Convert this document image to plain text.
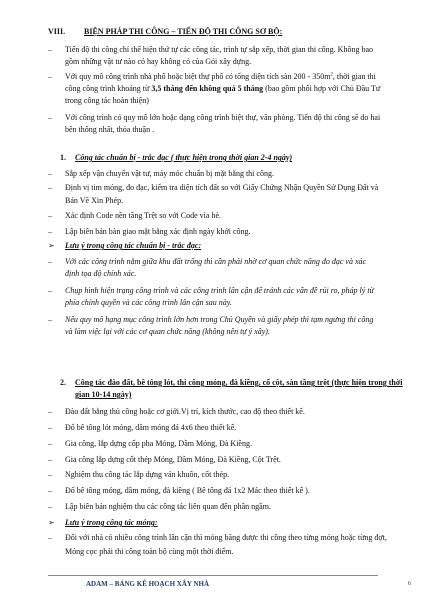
VIII. BIỆN PHÁP THI CÔNG – TIẾN ĐỘ THI CÔNG SƠ BỘ:
– Tiến độ thi công chỉ thể hiện thứ tự các công tác, trình tự sắp xếp, thời gian thi công. Không bao
gồm những vật tư nào có hay không có của Gói xây dựng.
– Với quy mô công trình nhà phố hoặc biệt thự phố có tổng diện tích sàn $200 - 350m^2$, thời gian thi
công công trình khoảng từ 3,5 tháng đến không quá 5 tháng (bao gồm phối hợp với Chủ Đầu Tư
trong công tác hoàn thiện)
– Với công trình có quy mô lớn hoặc dạng công trình biệt thự, văn phòng. Tiến độ thi công sẽ do hai
bên thống nhất, thỏa thuận .
1. Công tác chuẩn bị - trắc đạc ( thực hiện trong thời gian 2-4 ngày)
– Sắp xếp vận chuyển vật tư, máy móc chuẩn bị mặt bằng thi công.
– Định vị tim móng, đo đạc, kiểm tra diện tích đất so với Giấy Chứng Nhận Quyền Sử Dụng Đất và
Bản Vẽ Xin Phép.
– Xác định Code nền tầng Trệt so với Code vỉa hè.
– Lập biên bản bàn giao mặt bằng xác định ngày khởi công.
➢ Lưu ý trong công tác chuẩn bị - trắc đạc:
– Với các công trình nằm giữa khu đất trống thì cần phải nhờ cơ quan chức năng đo đạc và xác
định tọa độ chính xác.
– Chụp hình hiện trạng công trình và các công trình lân cận để tránh các vấn đề rủi ro, pháp lý từ
phía chính quyền và các công trình lân cận sau này.
– Nếu quy mô hạng mục công trình lớn hơn trong Chủ Quyền và giấy phép thì tạm ngưng thi công
và làm việc lại với các cơ quan chức năng (không nên tự ý xây).
2. Công tác đào đất, bê tông lót, thi công móng, đà kiềng, cổ cột, sàn tầng trệt (thực hiện trong thời
gian 10-14 ngày)
– Đào đất bằng thủ công hoặc cơ giới.Vị trí, kích thước, cao độ theo thiết kế.
– Đổ bê tông lót móng, dầm móng đá 4x6 theo thiết kế.
– Gia công, lắp dựng cốp pha Móng, Dầm Móng, Đà Kiềng.
– Gia công lắp dựng cốt thép Móng, Dầm Móng, Đà Kiềng, Cột Trệt.
– Nghiệm thu công tác lắp dựng ván khuôn, cốt thép.
– Đổ bê tông móng, dầm móng, đà kiềng ( Bê tông đá 1x2 Mác theo thiết kế ).
– Lập biên bản nghiệm thu các công tác liên quan đến phần ngầm.
➢ Lưu ý trong công tác móng:
– Đối với nhà có nhiều công trình lân cận thì móng băng được thi công theo từng móng hoặc từng đợt,
Móng cọc phải thi công toàn bộ cùng một thời điểm.
ADAM – BẢNG KÊ HOẠCH XÂY NHÀ	6
